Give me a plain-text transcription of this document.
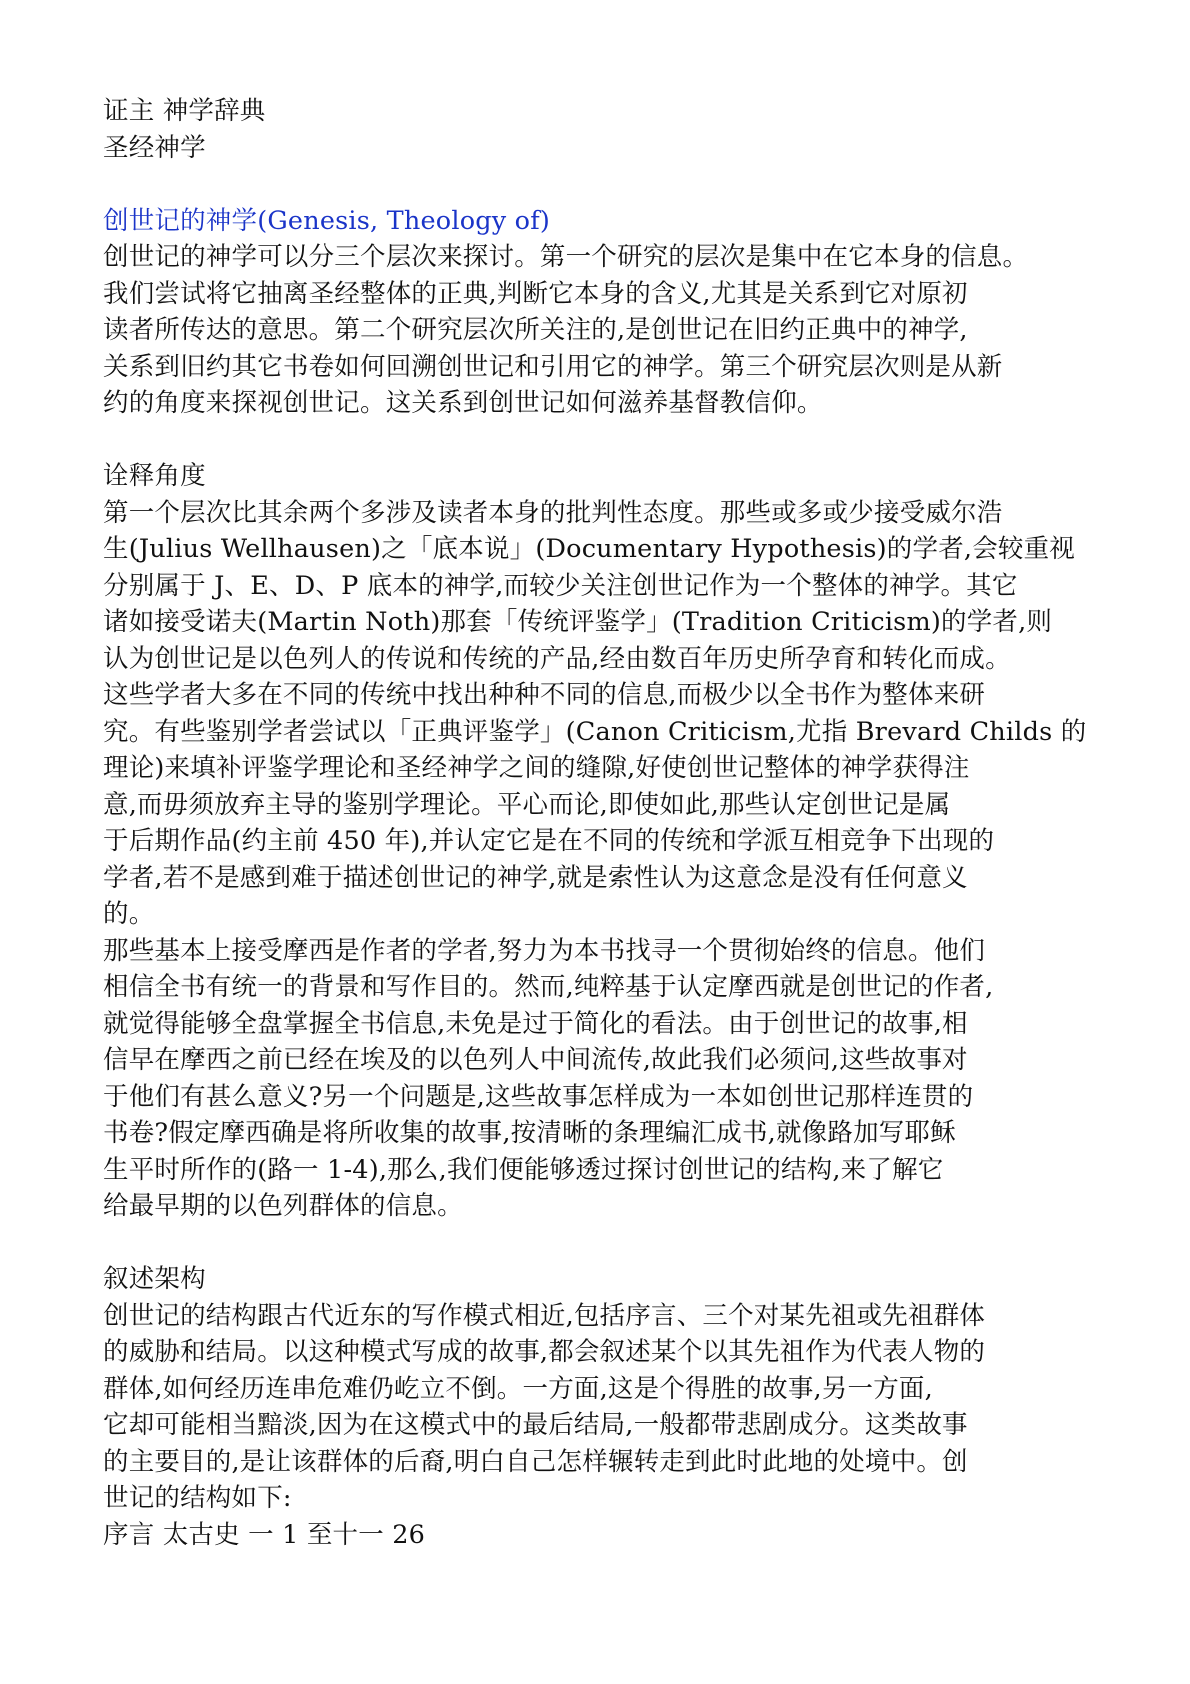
证主 神学辞典
圣经神学
创世记的神学(Genesis, Theology of)
创世记的神学可以分三个层次来探讨。第一个研究的层次是集中在它本身的信息。
我们尝试将它抽离圣经整体的正典,判断它本身的含义,尤其是关系到它对原初
读者所传达的意思。第二个研究层次所关注的,是创世记在旧约正典中的神学,
关系到旧约其它书卷如何回溯创世记和引用它的神学。第三个研究层次则是从新
约的角度来探视创世记。这关系到创世记如何滋养基督教信仰。
诠释角度
第一个层次比其余两个多涉及读者本身的批判性态度。那些或多或少接受威尔浩
生(Julius Wellhausen)之「底本说」(Documentary Hypothesis)的学者,会较重视
分别属于 J、E、D、P 底本的神学,而较少关注创世记作为一个整体的神学。其它
诸如接受诺夫(Martin Noth)那套「传统评鉴学」(Tradition Criticism)的学者,则
认为创世记是以色列人的传说和传统的产品,经由数百年历史所孕育和转化而成。
这些学者大多在不同的传统中找出种种不同的信息,而极少以全书作为整体来研
究。有些鉴别学者尝试以「正典评鉴学」(Canon Criticism,尤指 Brevard Childs 的
理论)来填补评鉴学理论和圣经神学之间的缝隙,好使创世记整体的神学获得注
意,而毋须放弃主导的鉴别学理论。平心而论,即使如此,那些认定创世记是属
于后期作品(约主前 450 年),并认定它是在不同的传统和学派互相竞争下出现的
学者,若不是感到难于描述创世记的神学,就是索性认为这意念是没有任何意义
的。
那些基本上接受摩西是作者的学者,努力为本书找寻一个贯彻始终的信息。他们
相信全书有统一的背景和写作目的。然而,纯粹基于认定摩西就是创世记的作者,
就觉得能够全盘掌握全书信息,未免是过于简化的看法。由于创世记的故事,相
信早在摩西之前已经在埃及的以色列人中间流传,故此我们必须问,这些故事对
于他们有甚么意义?另一个问题是,这些故事怎样成为一本如创世记那样连贯的
书卷?假定摩西确是将所收集的故事,按清晰的条理编汇成书,就像路加写耶稣
生平时所作的(路一 1-4),那么,我们便能够透过探讨创世记的结构,来了解它
给最早期的以色列群体的信息。
叙述架构
创世记的结构跟古代近东的写作模式相近,包括序言、三个对某先祖或先祖群体
的威胁和结局。以这种模式写成的故事,都会叙述某个以其先祖作为代表人物的
群体,如何经历连串危难仍屹立不倒。一方面,这是个得胜的故事,另一方面,
它却可能相当黯淡,因为在这模式中的最后结局,一般都带悲剧成分。这类故事
的主要目的,是让该群体的后裔,明白自己怎样辗转走到此时此地的处境中。创
世记的结构如下:
序言 太古史 一 1 至十一 26
